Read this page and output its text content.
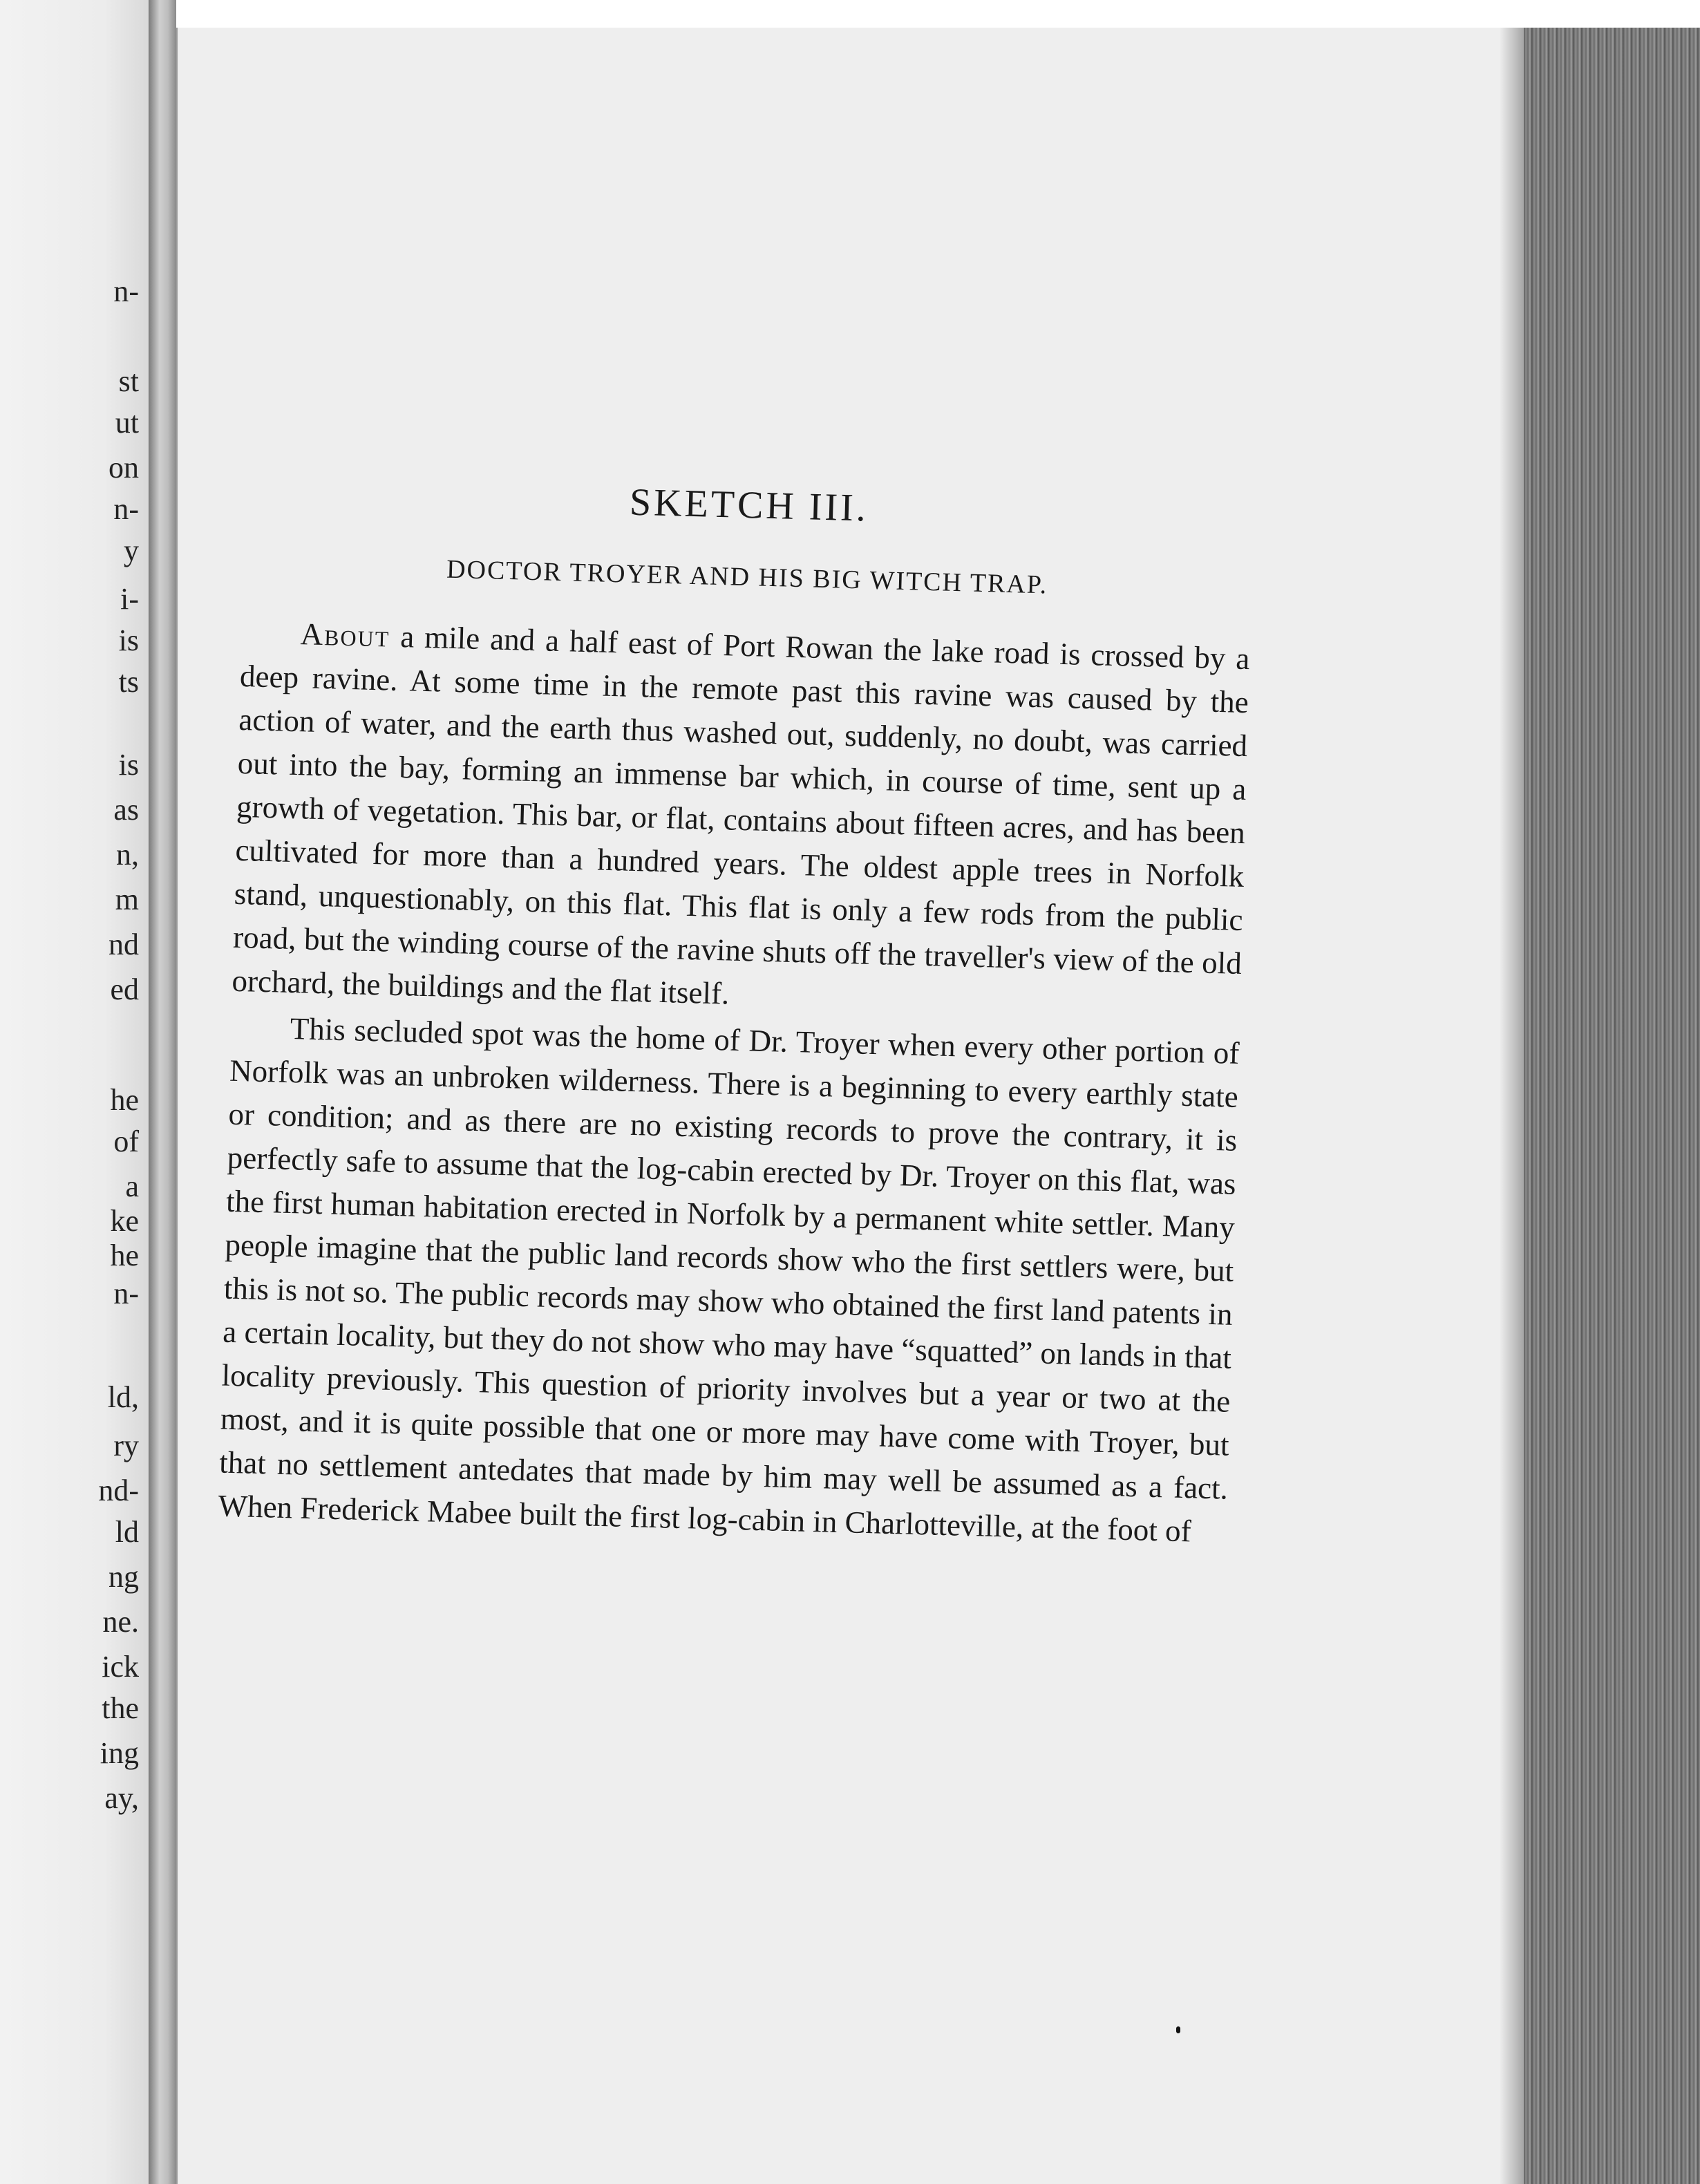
n-
st
ut
on
n-
y
i-
is
ts
is
as
n,
m
nd
ed
he
of
a
ke
he
n-
ld,
ry
nd-
ld
ng
ne.
ick
the
ing
ay,
SKETCH III.
DOCTOR TROYER AND HIS BIG WITCH TRAP.

About a mile and a half east of Port Rowan the lake road is crossed by a deep ravine. At some time in the remote past this ravine was caused by the action of water, and the earth thus washed out, suddenly, no doubt, was carried out into the bay, forming an immense bar which, in course of time, sent up a growth of vegetation. This bar, or flat, contains about fifteen acres, and has been cultivated for more than a hundred years. The oldest apple trees in Norfolk stand, unquestionably, on this flat. This flat is only a few rods from the public road, but the winding course of the ravine shuts off the traveller's view of the old orchard, the buildings and the flat itself.

This secluded spot was the home of Dr. Troyer when every other portion of Norfolk was an unbroken wilderness. There is a beginning to every earthly state or condition; and as there are no existing records to prove the contrary, it is perfectly safe to assume that the log-cabin erected by Dr. Troyer on this flat, was the first human habitation erected in Norfolk by a permanent white settler. Many people imagine that the public land records show who the first settlers were, but this is not so. The public records may show who obtained the first land patents in a certain locality, but they do not show who may have “squatted” on lands in that locality previously. This question of priority involves but a year or two at the most, and it is quite possible that one or more may have come with Troyer, but that no settlement antedates that made by him may well be assumed as a fact. When Frederick Mabee built the first log-cabin in Charlotteville, at the foot of
